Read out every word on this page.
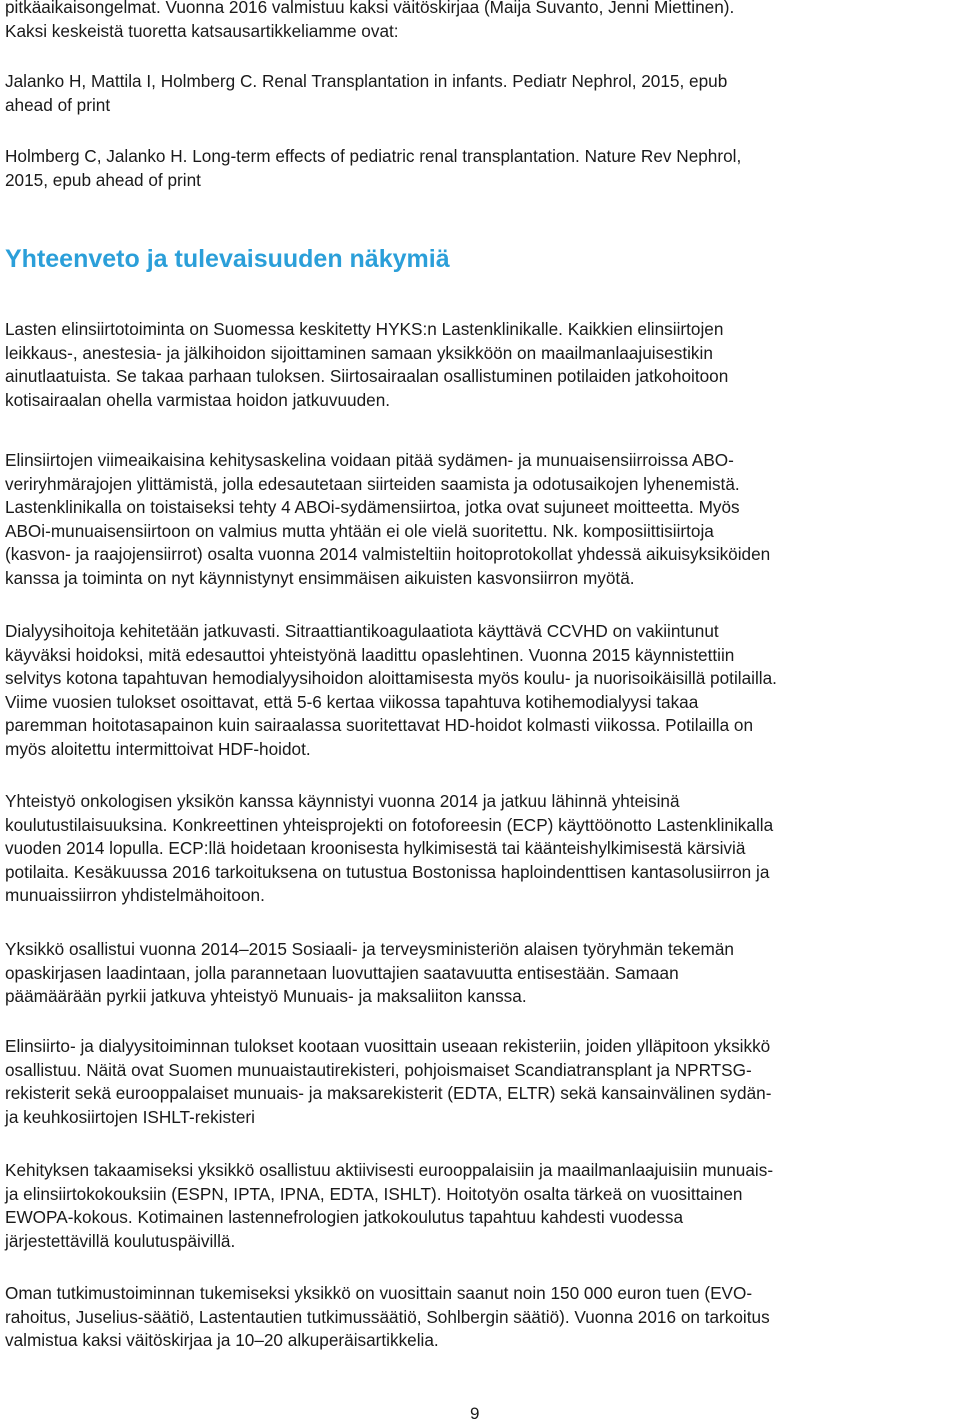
pitkäaikaisongelmat. Vuonna 2016 valmistuu kaksi väitöskirjaa (Maija Suvanto, Jenni Miettinen).
Kaksi keskeistä tuoretta katsausartikkeliamme ovat:
Jalanko H, Mattila I, Holmberg C. Renal Transplantation in infants. Pediatr Nephrol, 2015, epub
ahead of print
Holmberg C, Jalanko H. Long-term effects of pediatric renal transplantation. Nature Rev Nephrol,
2015, epub ahead of print
Yhteenveto ja tulevaisuuden näkymiä
Lasten elinsiirtotoiminta on Suomessa keskitetty HYKS:n Lastenklinikalle. Kaikkien elinsiirtojen
leikkaus-, anestesia- ja jälkihoidon sijoittaminen samaan yksikköön on maailmanlaajuisestikin
ainutlaatuista. Se takaa parhaan tuloksen. Siirtosairaalan osallistuminen potilaiden jatkohoitoon
kotisairaalan ohella varmistaa hoidon jatkuvuuden.
Elinsiirtojen viimeaikaisina kehitysaskelina voidaan pitää sydämen- ja munuaisensiirroissa ABO-
veriryhmärajojen ylittämistä, jolla edesautetaan siirteiden saamista ja odotusaikojen lyhenemistä.
Lastenklinikalla on toistaiseksi tehty 4 ABOi-sydämensiirtoa, jotka ovat sujuneet moitteetta. Myös
ABOi-munuaisensiirtoon on valmius mutta yhtään ei ole vielä suoritettu. Nk. komposiittisiirtoja
(kasvon- ja raajojensiirrot) osalta vuonna 2014 valmisteltiin hoitoprotokollat yhdessä aikuisyksiköiden
kanssa ja toiminta on nyt käynnistynyt ensimmäisen aikuisten kasvonsiirron myötä.
Dialyysihoitoja kehitetään jatkuvasti. Sitraattiantikoagulaatiota käyttävä CCVHD on vakiintunut
käyväksi hoidoksi, mitä edesauttoi yhteistyönä laadittu opaslehtinen. Vuonna 2015 käynnistettiin
selvitys kotona tapahtuvan hemodialyysihoidon aloittamisesta myös koulu- ja nuorisoikäisillä potilailla.
Viime vuosien tulokset osoittavat, että 5-6 kertaa viikossa tapahtuva kotihemodialyysi takaa
paremman hoitotasapainon kuin sairaalassa suoritettavat HD-hoidot kolmasti viikossa. Potilailla on
myös aloitettu intermittoivat HDF-hoidot.
Yhteistyö onkologisen yksikön kanssa käynnistyi vuonna 2014 ja jatkuu lähinnä yhteisinä
koulutustilaisuuksina. Konkreettinen yhteisprojekti on fotoforeesin (ECP) käyttöönotto Lastenklinikalla
vuoden 2014 lopulla. ECP:llä hoidetaan kroonisesta hylkimisestä tai käänteishylkimisestä kärsiviä
potilaita. Kesäkuussa 2016 tarkoituksena on tutustua Bostonissa haploindenttisen kantasolusiirron ja
munuaissiirron yhdistelmähoitoon.
Yksikkö osallistui vuonna 2014–2015 Sosiaali- ja terveysministeriön alaisen työryhmän tekemän
opaskirjasen laadintaan, jolla parannetaan luovuttajien saatavuutta entisestään. Samaan
päämäärään pyrkii jatkuva yhteistyö Munuais- ja maksaliiton kanssa.
Elinsiirto- ja dialyysitoiminnan tulokset kootaan vuosittain useaan rekisteriin, joiden ylläpitoon yksikkö
osallistuu. Näitä ovat Suomen munuaistautirekisteri, pohjoismaiset Scandiatransplant ja NPRTSG-
rekisterit sekä eurooppalaiset munuais- ja maksarekisterit (EDTA, ELTR) sekä kansainvälinen sydän-
ja keuhkosiirtojen ISHLT-rekisteri
Kehityksen takaamiseksi yksikkö osallistuu aktiivisesti eurooppalaisiin ja maailmanlaajuisiin munuais-
ja elinsiirtokokouksiin (ESPN, IPTA, IPNA, EDTA, ISHLT). Hoitotyön osalta tärkeä on vuosittainen
EWOPA-kokous. Kotimainen lastennefrologien jatkokoulutus tapahtuu kahdesti vuodessa
järjestettävillä koulutuspäivillä.
Oman tutkimustoiminnan tukemiseksi yksikkö on vuosittain saanut noin 150 000 euron tuen (EVO-
rahoitus, Juselius-säätiö, Lastentautien tutkimussäätiö, Sohlbergin säätiö). Vuonna 2016 on tarkoitus
valmistua kaksi väitöskirjaa ja 10–20 alkuperäisartikkelia.
9
